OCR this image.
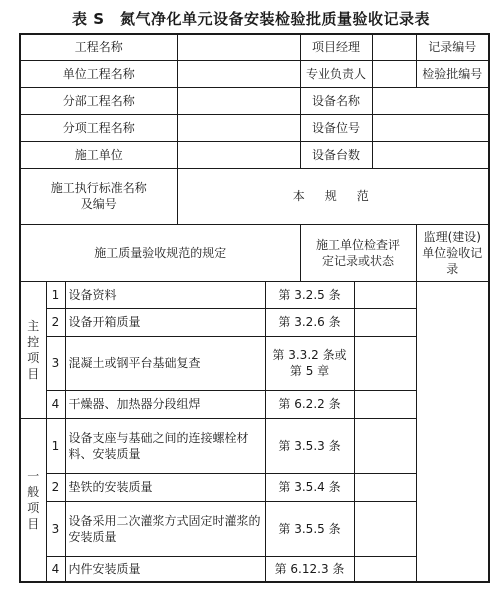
表 S　氮气净化单元设备安装检验批质量验收记录表
工程名称					项目经理			记录编号
单位工程名称					专业负责人			检验批编号
分部工程名称					设备名称			
分项工程名称					设备位号			
施工单位					设备台数			
施工执行标准名称及编号			本　规　范					
施工质量验收规范的规定					施工单位检查评定记录或状态			监理(建设)单位验收记录
主控项目	1	设备资料		第 3.2.5 条				
	2	设备开箱质量		第 3.2.6 条				
	3	混凝土或钢平台基础复查		第 3.3.2 条或第 5 章				
	4	干燥器、加热器分段组焊		第 6.2.2 条				
一般项目	1	设备支座与基础之间的连接螺栓材料、安装质量		第 3.5.3 条				
	2	垫铁的安装质量		第 3.5.4 条				
	3	设备采用二次灌浆方式固定时灌浆的安装质量		第 3.5.5 条				
	4	内件安装质量		第 6.12.3 条				
